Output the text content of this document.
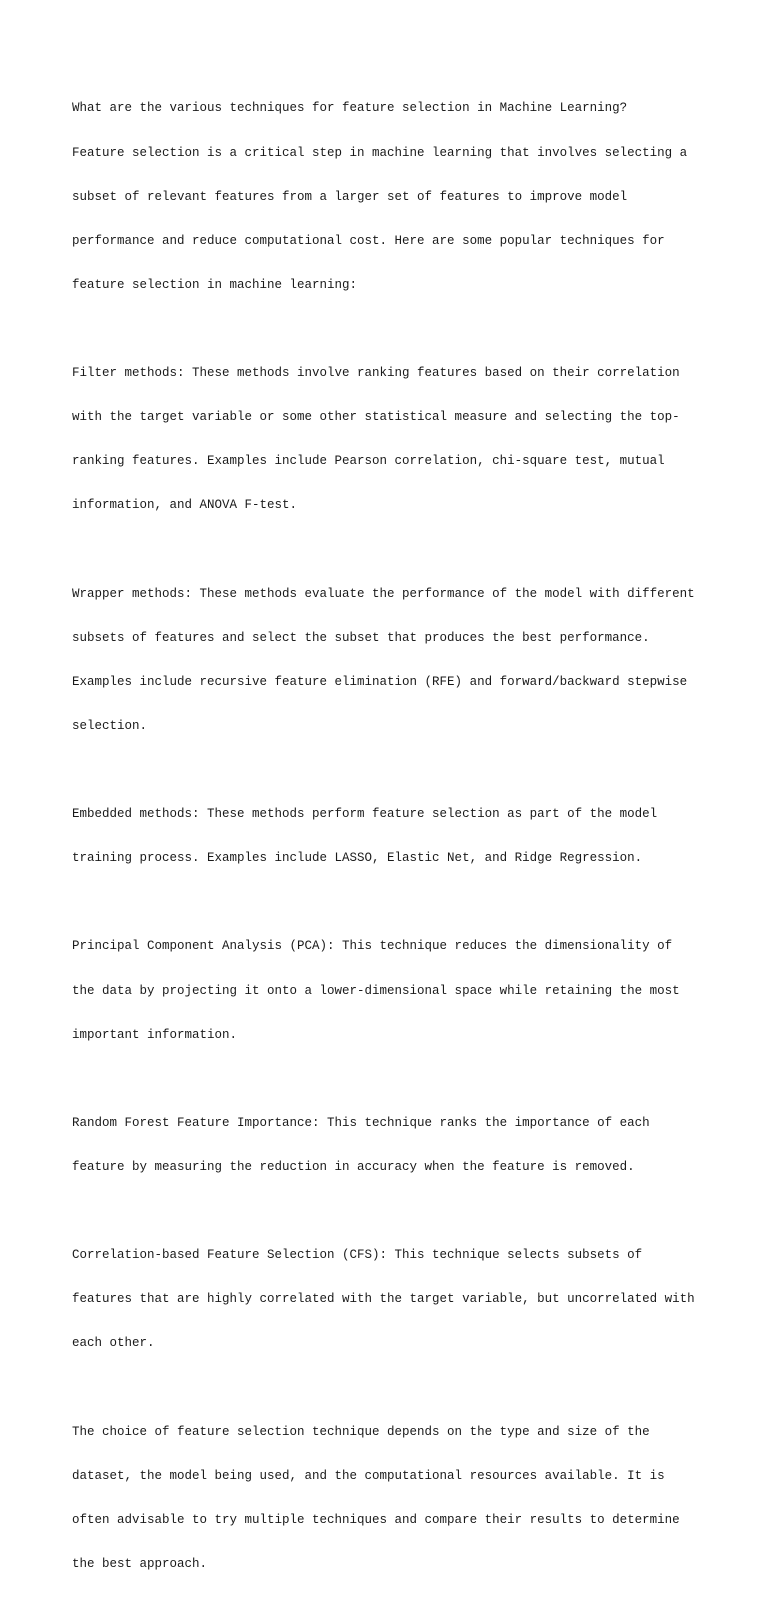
What are the various techniques for feature selection in Machine Learning?

Feature selection is a critical step in machine learning that involves selecting a

subset of relevant features from a larger set of features to improve model

performance and reduce computational cost. Here are some popular techniques for

feature selection in machine learning:

Filter methods: These methods involve ranking features based on their correlation

with the target variable or some other statistical measure and selecting the top-

ranking features. Examples include Pearson correlation, chi-square test, mutual

information, and ANOVA F-test.

Wrapper methods: These methods evaluate the performance of the model with different

subsets of features and select the subset that produces the best performance.

Examples include recursive feature elimination (RFE) and forward/backward stepwise

selection.

Embedded methods: These methods perform feature selection as part of the model

training process. Examples include LASSO, Elastic Net, and Ridge Regression.

Principal Component Analysis (PCA): This technique reduces the dimensionality of

the data by projecting it onto a lower-dimensional space while retaining the most

important information.

Random Forest Feature Importance: This technique ranks the importance of each

feature by measuring the reduction in accuracy when the feature is removed.

Correlation-based Feature Selection (CFS): This technique selects subsets of

features that are highly correlated with the target variable, but uncorrelated with

each other.

The choice of feature selection technique depends on the type and size of the

dataset, the model being used, and the computational resources available. It is

often advisable to try multiple techniques and compare their results to determine

the best approach.
